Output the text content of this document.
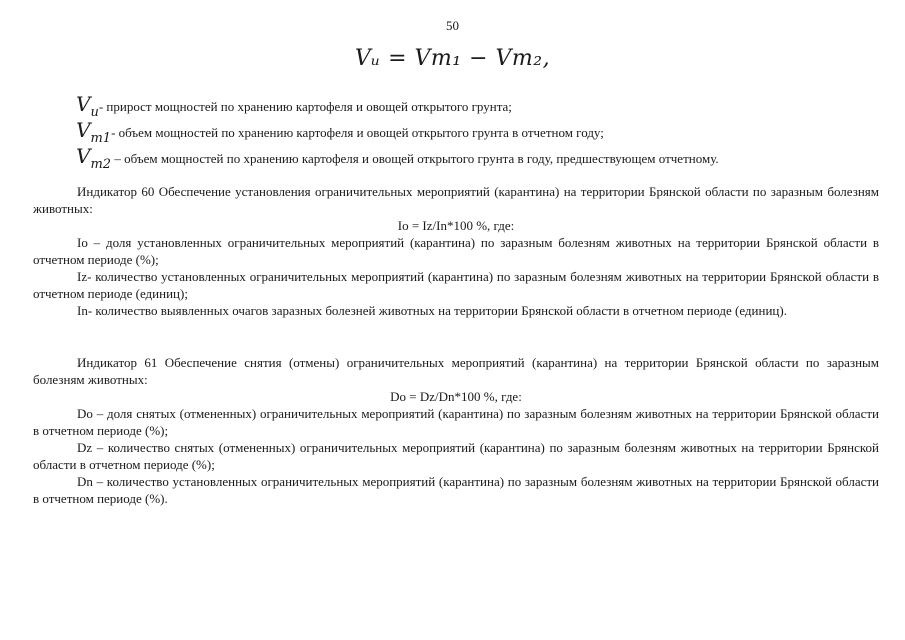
50
Vᵤ = Vm₁ − Vm₂,
$V_u-$ прирост мощностей по хранению картофеля и овощей открытого грунта;
$V_{m1}-$ объем мощностей по хранению картофеля и овощей открытого грунта в отчетном году;
$V_{m2}$ – объем мощностей по хранению картофеля и овощей открытого грунта в году, предшествующем отчетному.

Индикатор 60 Обеспечение установления ограничительных мероприятий (карантина) на территории Брянской области по заразным болезням животных:

Io = Iz/In*100 %, где:

Io – доля установленных ограничительных мероприятий (карантина) по заразным болезням животных на территории Брянской области в отчетном периоде (%);

Iz- количество установленных ограничительных мероприятий (карантина) по заразным болезням животных на территории Брянской области в отчетном периоде (единиц);

In- количество выявленных очагов заразных болезней животных на территории Брянской области в отчетном периоде (единиц).

Индикатор 61 Обеспечение снятия (отмены) ограничительных мероприятий (карантина) на территории Брянской области по заразным болезням животных:

Do = Dz/Dn*100 %, где:

Do – доля снятых (отмененных) ограничительных мероприятий (карантина) по заразным болезням животных на территории Брянской области в отчетном периоде (%);

Dz – количество снятых (отмененных) ограничительных мероприятий (карантина) по заразным болезням животных на территории Брянской области в отчетном периоде (%);

Dn – количество установленных ограничительных мероприятий (карантина) по заразным болезням животных на территории Брянской области в отчетном периоде (%).
